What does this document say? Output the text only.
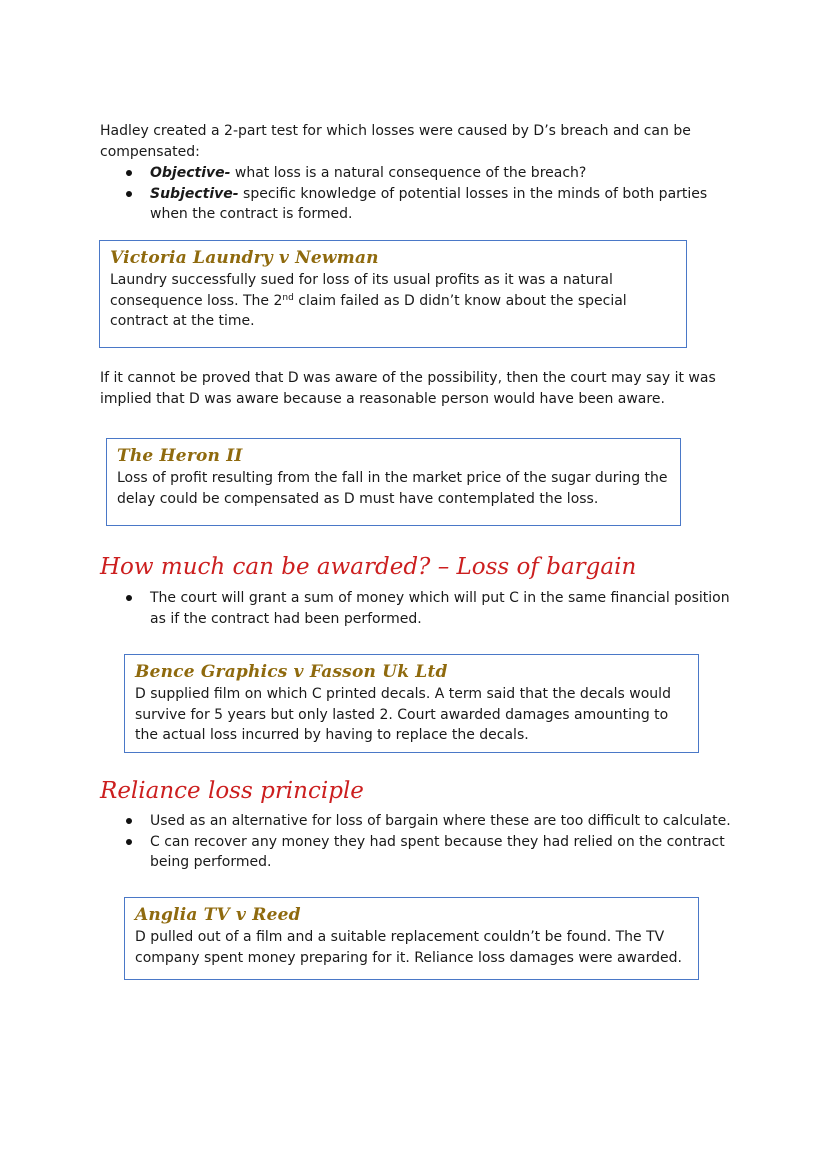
Hadley created a 2-part test for which losses were caused by D’s breach and can be compensated:
Objective- what loss is a natural consequence of the breach?
Subjective- specific knowledge of potential losses in the minds of both parties when the contract is formed.
Victoria Laundry v Newman
Laundry successfully sued for loss of its usual profits as it was a natural consequence loss. The 2nd claim failed as D didn’t know about the special contract at the time.
If it cannot be proved that D was aware of the possibility, then the court may say it was implied that D was aware because a reasonable person would have been aware.
The Heron II
Loss of profit resulting from the fall in the market price of the sugar during the delay could be compensated as D must have contemplated the loss.
How much can be awarded? – Loss of bargain
The court will grant a sum of money which will put C in the same financial position as if the contract had been performed.
Bence Graphics v Fasson Uk Ltd
D supplied film on which C printed decals. A term said that the decals would survive for 5 years but only lasted 2. Court awarded damages amounting to the actual loss incurred by having to replace the decals.
Reliance loss principle
Used as an alternative for loss of bargain where these are too difficult to calculate.
C can recover any money they had spent because they had relied on the contract being performed.
Anglia TV v Reed
D pulled out of a film and a suitable replacement couldn’t be found. The TV company spent money preparing for it. Reliance loss damages were awarded.
